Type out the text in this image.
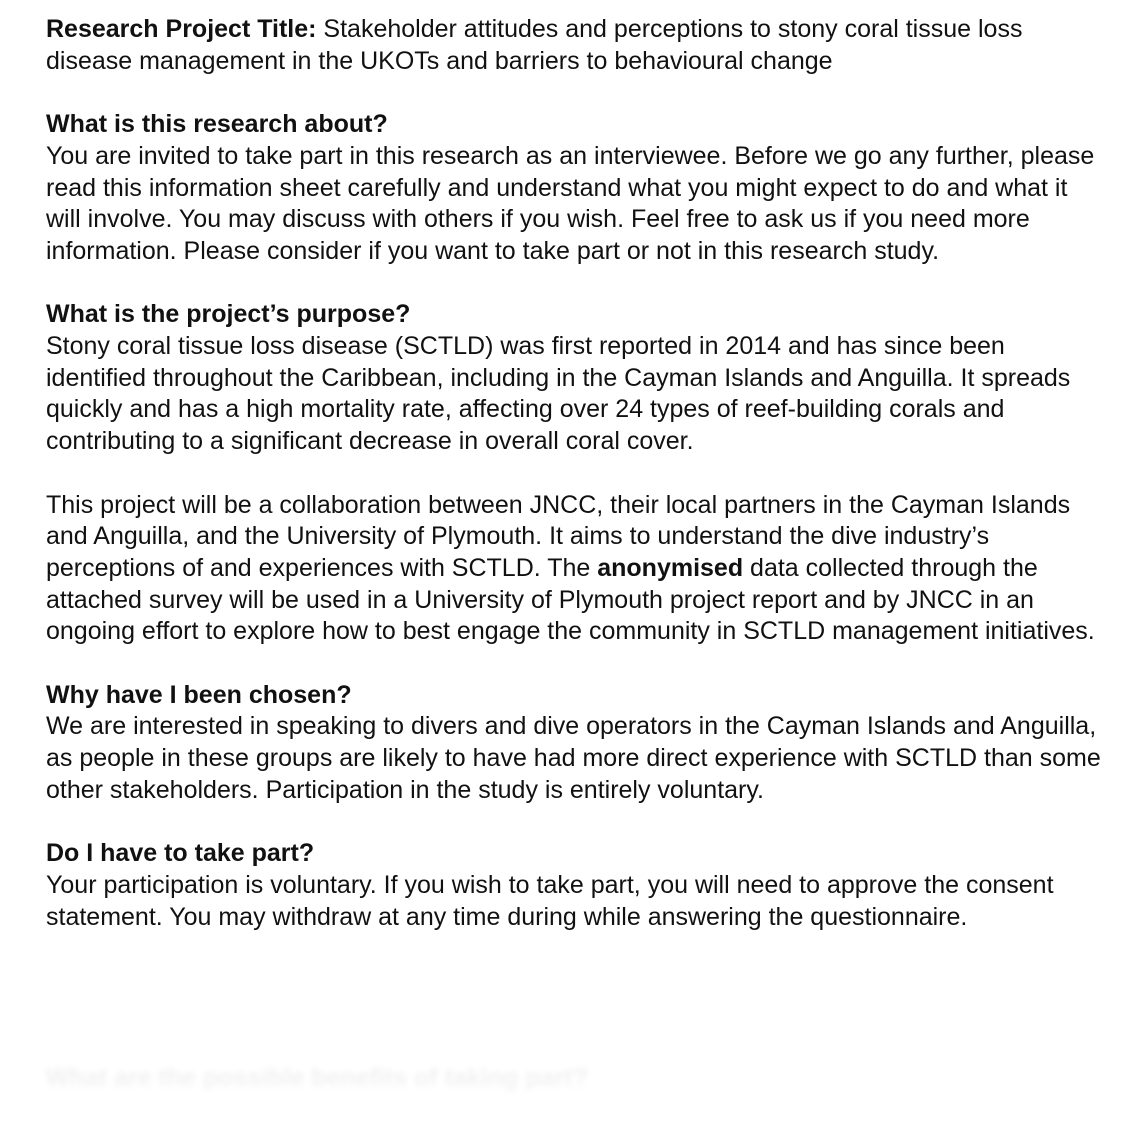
Research Project Title: Stakeholder attitudes and perceptions to stony coral tissue loss disease management in the UKOTs and barriers to behavioural change

What is this research about?

You are invited to take part in this research as an interviewee. Before we go any further, please read this information sheet carefully and understand what you might expect to do and what it will involve. You may discuss with others if you wish. Feel free to ask us if you need more information. Please consider if you want to take part or not in this research study.

What is the project’s purpose?

Stony coral tissue loss disease (SCTLD) was first reported in 2014 and has since been identified throughout the Caribbean, including in the Cayman Islands and Anguilla. It spreads quickly and has a high mortality rate, affecting over 24 types of reef-building corals and contributing to a significant decrease in overall coral cover.

This project will be a collaboration between JNCC, their local partners in the Cayman Islands and Anguilla, and the University of Plymouth. It aims to understand the dive industry’s perceptions of and experiences with SCTLD. The anonymised data collected through the attached survey will be used in a University of Plymouth project report and by JNCC in an ongoing effort to explore how to best engage the community in SCTLD management initiatives.

Why have I been chosen?

We are interested in speaking to divers and dive operators in the Cayman Islands and Anguilla, as people in these groups are likely to have had more direct experience with SCTLD than some other stakeholders. Participation in the study is entirely voluntary.

Do I have to take part?

Your participation is voluntary. If you wish to take part, you will need to approve the consent statement. You may withdraw at any time during while answering the questionnaire.
